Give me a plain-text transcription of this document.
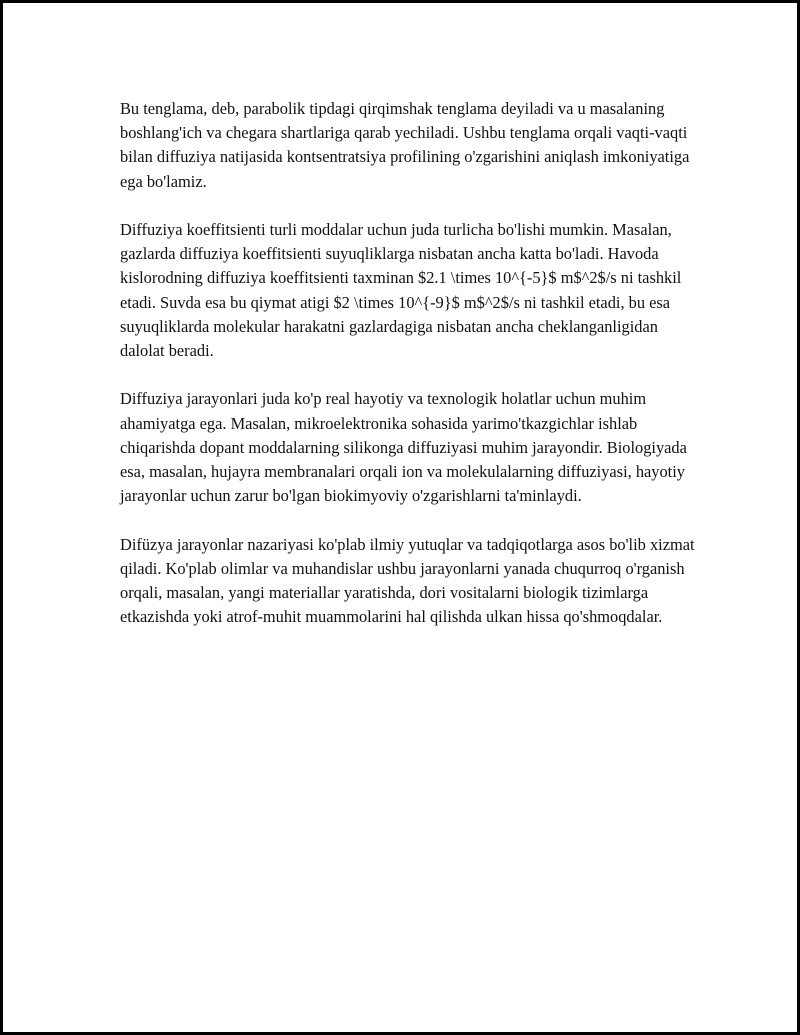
Bu tenglama, deb, parabolik tipdagi qirqimshak tenglama deyiladi va u masalaning boshlang'ich va chegara shartlariga qarab yechiladi. Ushbu tenglama orqali vaqti-vaqti bilan diffuziya natijasida kontsentratsiya profilining o'zgarishini aniqlash imkoniyatiga ega bo'lamiz.

Diffuziya koeffitsienti turli moddalar uchun juda turlicha bo'lishi mumkin. Masalan, gazlarda diffuziya koeffitsienti suyuqliklarga nisbatan ancha katta bo'ladi. Havoda kislorodning diffuziya koeffitsienti taxminan $2.1 \times 10^{-5}$ m$^2$/s ni tashkil etadi. Suvda esa bu qiymat atigi $2 \times 10^{-9}$ m$^2$/s ni tashkil etadi, bu esa suyuqliklarda molekular harakatni gazlardagiga nisbatan ancha cheklanganligidan dalolat beradi.

Diffuziya jarayonlari juda ko'p real hayotiy va texnologik holatlar uchun muhim ahamiyatga ega. Masalan, mikroelektronika sohasida yarimo'tkazgichlar ishlab chiqarishda dopant moddalarning silikonga diffuziyasi muhim jarayondir. Biologiyada esa, masalan, hujayra membranalari orqali ion va molekulalarning diffuziyasi, hayotiy jarayonlar uchun zarur bo'lgan biokimyoviy o'zgarishlarni ta'minlaydi.

Difüzya jarayonlar nazariyasi ko'plab ilmiy yutuqlar va tadqiqotlarga asos bo'lib xizmat qiladi. Ko'plab olimlar va muhandislar ushbu jarayonlarni yanada chuqurroq o'rganish orqali, masalan, yangi materiallar yaratishda, dori vositalarni biologik tizimlarga etkazishda yoki atrof-muhit muammolarini hal qilishda ulkan hissa qo'shmoqdalar.
